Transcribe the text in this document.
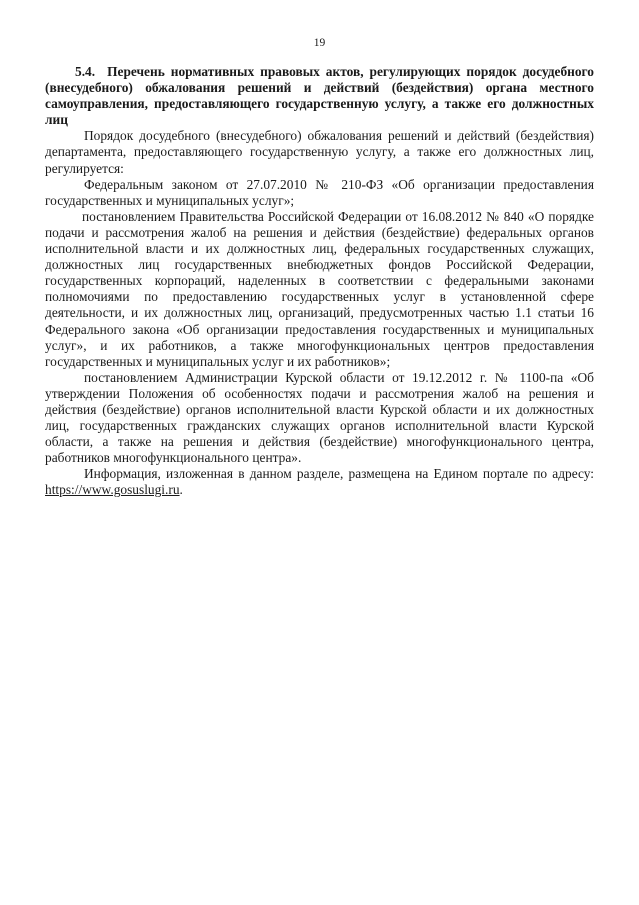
19

5.4. Перечень нормативных правовых актов, регулирующих порядок досудебного (внесудебного) обжалования решений и действий (бездействия) органа местного самоуправления, предоставляющего государственную услугу, а также его должностных лиц

Порядок досудебного (внесудебного) обжалования решений и действий (бездействия) департамента, предоставляющего государственную услугу, а также его должностных лиц, регулируется:

Федеральным законом от 27.07.2010 № 210-ФЗ «Об организации предоставления государственных и муниципальных услуг»;

постановлением Правительства Российской Федерации от 16.08.2012 № 840 «О порядке подачи и рассмотрения жалоб на решения и действия (бездействие) федеральных органов исполнительной власти и их должностных лиц, федеральных государственных служащих, должностных лиц государственных внебюджетных фондов Российской Федерации, государственных корпораций, наделенных в соответствии с федеральными законами полномочиями по предоставлению государственных услуг в установленной сфере деятельности, и их должностных лиц, организаций, предусмотренных частью 1.1 статьи 16 Федерального закона «Об организации предоставления государственных и муниципальных услуг», и их работников, а также многофункциональных центров предоставления государственных и муниципальных услуг и их работников»;

постановлением Администрации Курской области от 19.12.2012 г. № 1100-па «Об утверждении Положения об особенностях подачи и рассмотрения жалоб на решения и действия (бездействие) органов исполнительной власти Курской области и их должностных лиц, государственных гражданских служащих органов исполнительной власти Курской области, а также на решения и действия (бездействие) многофункционального центра, работников многофункционального центра».

Информация, изложенная в данном разделе, размещена на Едином портале по адресу: https://www.gosuslugi.ru.
